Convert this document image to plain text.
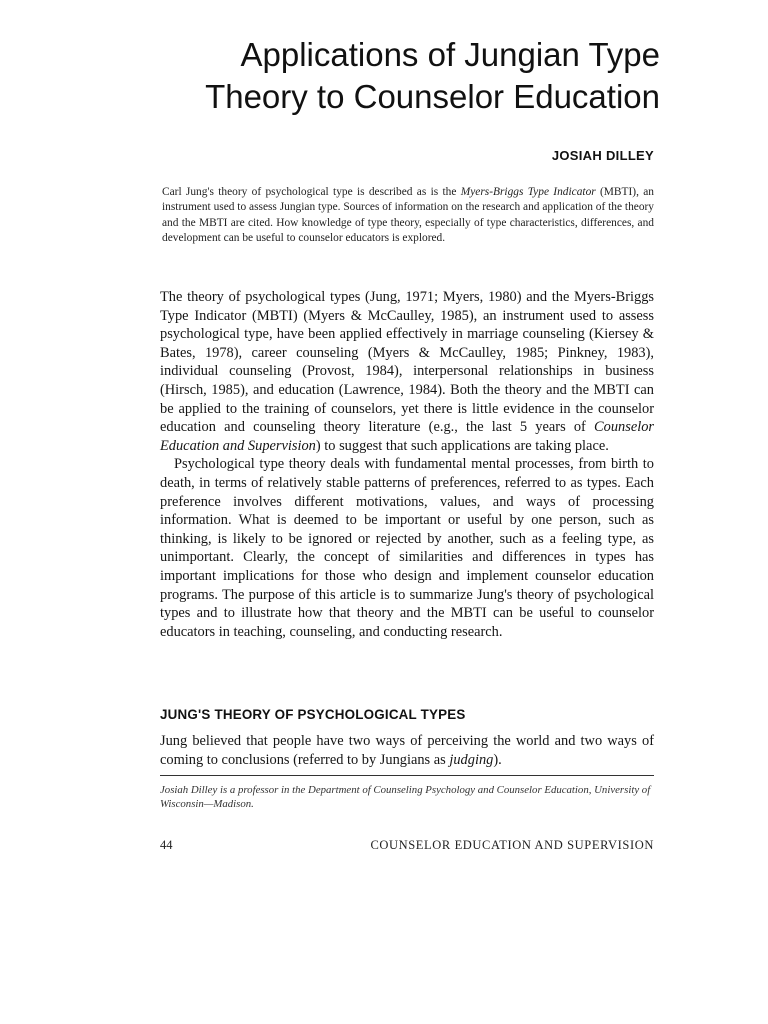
Applications of Jungian Type
Theory to Counselor Education

JOSIAH DILLEY

Carl Jung's theory of psychological type is described as is the Myers-Briggs Type Indicator (MBTI), an instrument used to assess Jungian type. Sources of information on the research and application of the theory and the MBTI are cited. How knowledge of type theory, especially of type characteristics, differences, and development can be useful to counselor educators is explored.

The theory of psychological types (Jung, 1971; Myers, 1980) and the Myers-Briggs Type Indicator (MBTI) (Myers & McCaulley, 1985), an instrument used to assess psychological type, have been applied effectively in marriage counseling (Kiersey & Bates, 1978), career counseling (Myers & McCaulley, 1985; Pinkney, 1983), individual counseling (Provost, 1984), interpersonal relationships in business (Hirsch, 1985), and education (Lawrence, 1984). Both the theory and the MBTI can be applied to the training of counselors, yet there is little evidence in the counselor education and counseling theory literature (e.g., the last 5 years of Counselor Education and Supervision) to suggest that such applications are taking place.

Psychological type theory deals with fundamental mental processes, from birth to death, in terms of relatively stable patterns of preferences, referred to as types. Each preference involves different motivations, values, and ways of processing information. What is deemed to be important or useful by one person, such as thinking, is likely to be ignored or rejected by another, such as a feeling type, as unimportant. Clearly, the concept of similarities and differences in types has important implications for those who design and implement counselor education programs. The purpose of this article is to summarize Jung's theory of psychological types and to illustrate how that theory and the MBTI can be useful to counselor educators in teaching, counseling, and conducting research.

JUNG'S THEORY OF PSYCHOLOGICAL TYPES

Jung believed that people have two ways of perceiving the world and two ways of coming to conclusions (referred to by Jungians as judging).

Josiah Dilley is a professor in the Department of Counseling Psychology and Counselor Education, University of Wisconsin—Madison.

44	COUNSELOR EDUCATION AND SUPERVISION
